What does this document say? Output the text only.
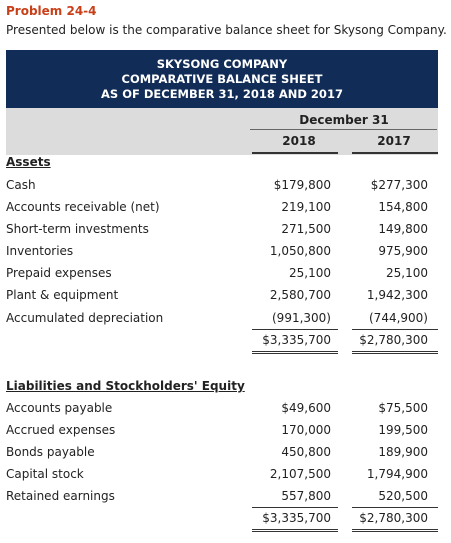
Problem 24-4
Presented below is the comparative balance sheet for Skysong Company.
SKYSONG COMPANY
COMPARATIVE BALANCE SHEET
AS OF DECEMBER 31, 2018 AND 2017
December 31
2018	2017
Assets
Cash	$179,800	$277,300
Accounts receivable (net)	219,100	154,800
Short-term investments	271,500	149,800
Inventories	1,050,800	975,900
Prepaid expenses	25,100	25,100
Plant & equipment	2,580,700	1,942,300
Accumulated depreciation	(991,300)	(744,900)
$3,335,700 $2,780,300
Liabilities and Stockholders' Equity
Accounts payable	$49,600	$75,500
Accrued expenses	170,000	199,500
Bonds payable	450,800	189,900
Capital stock	2,107,500	1,794,900
Retained earnings	557,800	520,500
$3,335,700 $2,780,300
